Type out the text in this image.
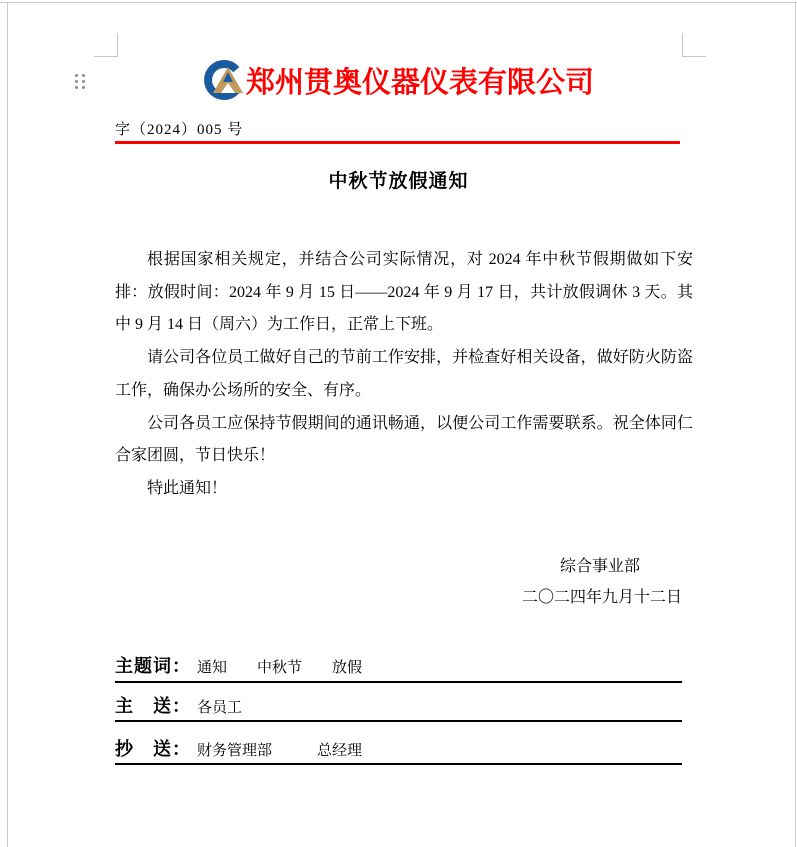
郑州贯奥仪器仪表有限公司
字（2024）005 号
中秋节放假通知

根据国家相关规定，并结合公司实际情况，对 2024 年中秋节假期做如下安排：放假时间：2024 年 9 月 15 日——2024 年 9 月 17 日，共计放假调休 3 天。其中 9 月 14 日（周六）为工作日，正常上下班。

请公司各位员工做好自己的节前工作安排，并检查好相关设备，做好防火防盗工作，确保办公场所的安全、有序。

公司各员工应保持节假期间的通讯畅通，以便公司工作需要联系。祝全体同仁合家团圆，节日快乐！

特此通知！

综合事业部
二〇二四年九月十二日
主题词： 通知　　中秋节　　放假
主　送： 各员工
抄　送： 财务管理部　　　总经理
